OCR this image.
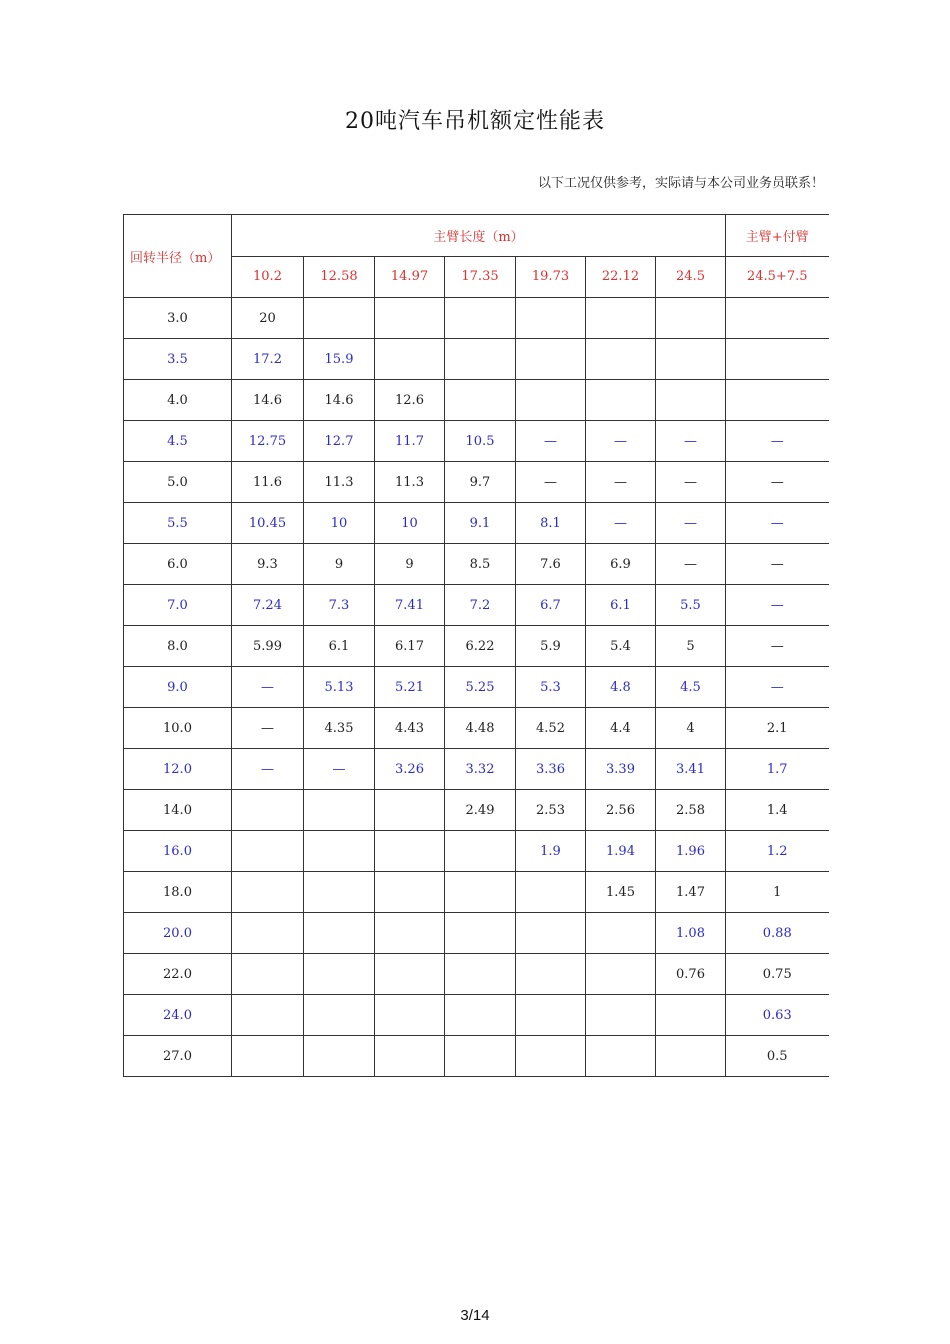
20吨汽车吊机额定性能表
以下工况仅供参考，实际请与本公司业务员联系！
回转半径（m）	主臂长度（m）							主臂+付臂
	10.2	12.58	14.97	17.35	19.73	22.12	24.5	24.5+7.5
3.0	20							
3.5	17.2	15.9						
4.0	14.6	14.6	12.6					
4.5	12.75	12.7	11.7	10.5	—	—	—	—
5.0	11.6	11.3	11.3	9.7	—	—	—	—
5.5	10.45	10	10	9.1	8.1	—	—	—
6.0	9.3	9	9	8.5	7.6	6.9	—	—
7.0	7.24	7.3	7.41	7.2	6.7	6.1	5.5	—
8.0	5.99	6.1	6.17	6.22	5.9	5.4	5	—
9.0	—	5.13	5.21	5.25	5.3	4.8	4.5	—
10.0	—	4.35	4.43	4.48	4.52	4.4	4	2.1
12.0	—	—	3.26	3.32	3.36	3.39	3.41	1.7
14.0				2.49	2.53	2.56	2.58	1.4
16.0					1.9	1.94	1.96	1.2
18.0						1.45	1.47	1
20.0							1.08	0.88
22.0							0.76	0.75
24.0								0.63
27.0								0.5
3/14
